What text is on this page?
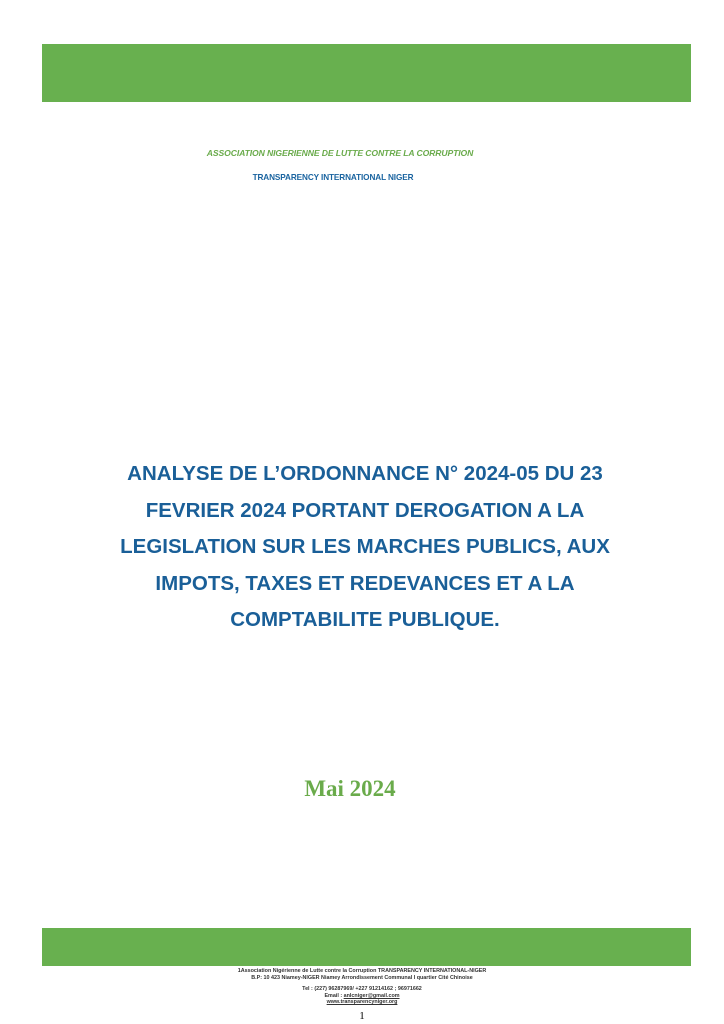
ASSOCIATION NIGERIENNE DE LUTTE CONTRE LA CORRUPTION
TRANSPARENCY INTERNATIONAL NIGER
ANALYSE DE L’ORDONNANCE N° 2024-05 DU 23
FEVRIER 2024 PORTANT DEROGATION A LA
LEGISLATION SUR LES MARCHES PUBLICS, AUX
IMPOTS, TAXES ET REDEVANCES ET A LA
COMPTABILITE PUBLIQUE.
Mai 2024
1Association Nigérienne de Lutte contre la Corruption TRANSPARENCY INTERNATIONAL-NIGER
B.P: 10 423 Niamey-NIGER Niamey Arrondissement Communal I quartier Cité Chinoise
Tel : (227) 96287969/ +227 91214162 ; 96971662
Email : anlcniger@gmail.com
www.transparencyniger.org
1
